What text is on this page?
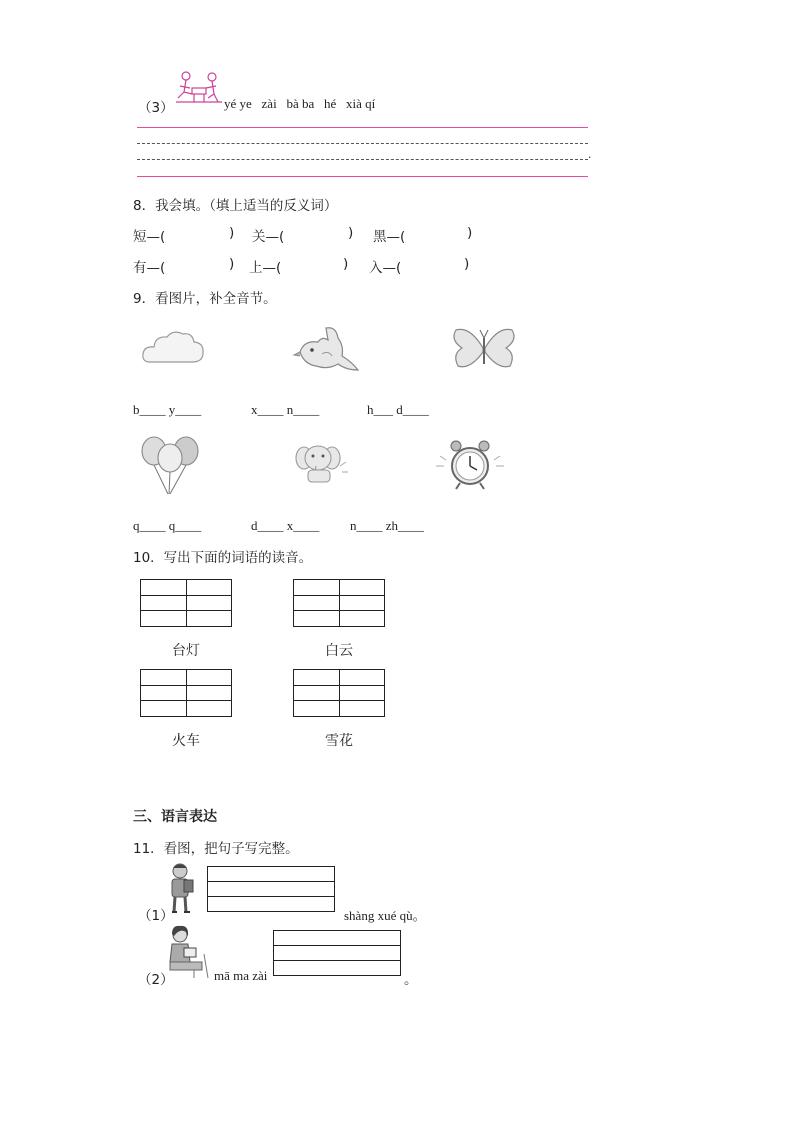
（3）	yé ye   zài   bà ba   hé   xià qí
.
8．我会填。（填上适当的反义词）
短—(	) 关—(	) 黑—(	)
有—(	) 上—(	) 入—(	)
9．看图片，补全音节。
b____ y____	x____ n____	h___ d____
q____ q____	d____ x____ n____ zh____
10．写出下面的词语的读音。
台灯	白云
火车	雪花
三、语言表达
11．看图，把句子写完整。
（1）	shàng xué qù。
（2）	mā ma zài	。
